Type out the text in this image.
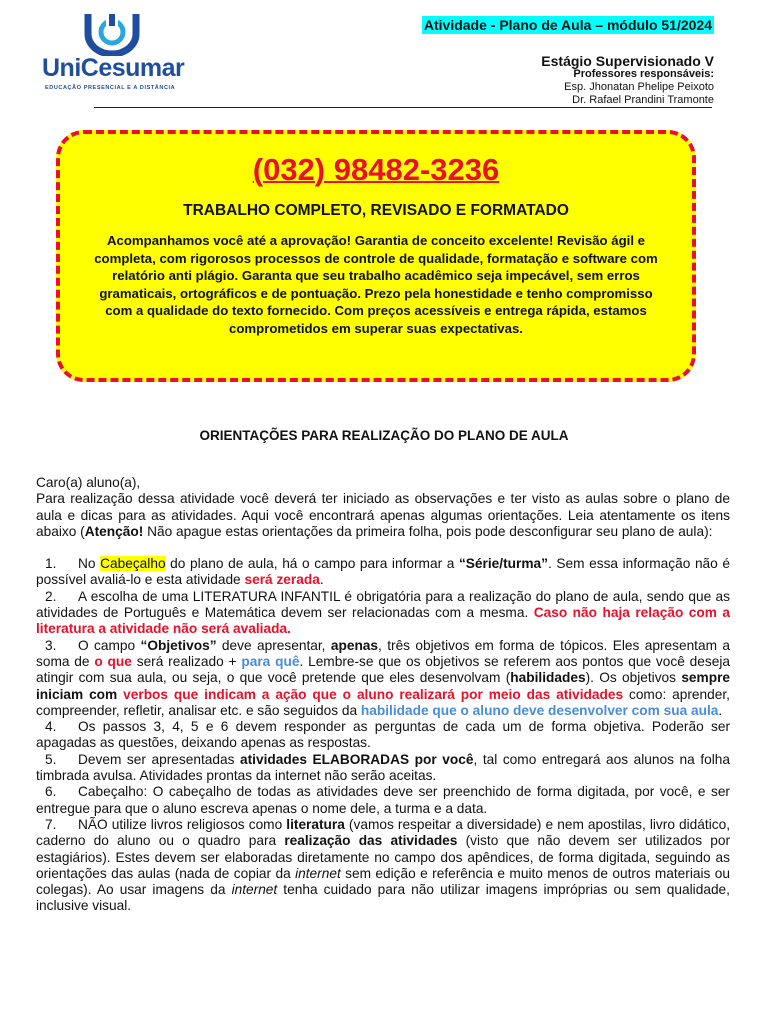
UniCesumar
EDUCAÇÃO PRESENCIAL E A DISTÂNCIA
Atividade - Plano de Aula – módulo 51/2024
Estágio Supervisionado V
Professores responsáveis:
Esp. Jhonatan Phelipe Peixoto
Dr. Rafael Prandini Tramonte
(032) 98482-3236
TRABALHO COMPLETO, REVISADO E FORMATADO
Acompanhamos você até a aprovação! Garantia de conceito excelente! Revisão ágil e completa, com rigorosos processos de controle de qualidade, formatação e software com relatório anti plágio. Garanta que seu trabalho acadêmico seja impecável, sem erros gramaticais, ortográficos e de pontuação. Prezo pela honestidade e tenho compromisso com a qualidade do texto fornecido. Com preços acessíveis e entrega rápida, estamos comprometidos em superar suas expectativas.
ORIENTAÇÕES PARA REALIZAÇÃO DO PLANO DE AULA

Caro(a) aluno(a),

Para realização dessa atividade você deverá ter iniciado as observações e ter visto as aulas sobre o plano de aula e dicas para as atividades. Aqui você encontrará apenas algumas orientações. Leia atentamente os itens abaixo (Atenção! Não apague estas orientações da primeira folha, pois pode desconfigurar seu plano de aula):

1. No Cabeçalho do plano de aula, há o campo para informar a “Série/turma”. Sem essa informação não é possível avaliá-lo e esta atividade será zerada.

2. A escolha de uma LITERATURA INFANTIL é obrigatória para a realização do plano de aula, sendo que as atividades de Português e Matemática devem ser relacionadas com a mesma. Caso não haja relação com a literatura a atividade não será avaliada.

3. O campo “Objetivos” deve apresentar, apenas, três objetivos em forma de tópicos. Eles apresentam a soma de o que será realizado + para quê. Lembre-se que os objetivos se referem aos pontos que você deseja atingir com sua aula, ou seja, o que você pretende que eles desenvolvam (habilidades). Os objetivos sempre iniciam com verbos que indicam a ação que o aluno realizará por meio das atividades como: aprender, compreender, refletir, analisar etc. e são seguidos da habilidade que o aluno deve desenvolver com sua aula.

4. Os passos 3, 4, 5 e 6 devem responder as perguntas de cada um de forma objetiva. Poderão ser apagadas as questões, deixando apenas as respostas.

5. Devem ser apresentadas atividades ELABORADAS por você, tal como entregará aos alunos na folha timbrada avulsa. Atividades prontas da internet não serão aceitas.

6. Cabeçalho: O cabeçalho de todas as atividades deve ser preenchido de forma digitada, por você, e ser entregue para que o aluno escreva apenas o nome dele, a turma e a data.

7. NÃO utilize livros religiosos como literatura (vamos respeitar a diversidade) e nem apostilas, livro didático, caderno do aluno ou o quadro para realização das atividades (visto que não devem ser utilizados por estagiários). Estes devem ser elaboradas diretamente no campo dos apêndices, de forma digitada, seguindo as orientações das aulas (nada de copiar da internet sem edição e referência e muito menos de outros materiais ou colegas). Ao usar imagens da internet tenha cuidado para não utilizar imagens impróprias ou sem qualidade, inclusive visual.
